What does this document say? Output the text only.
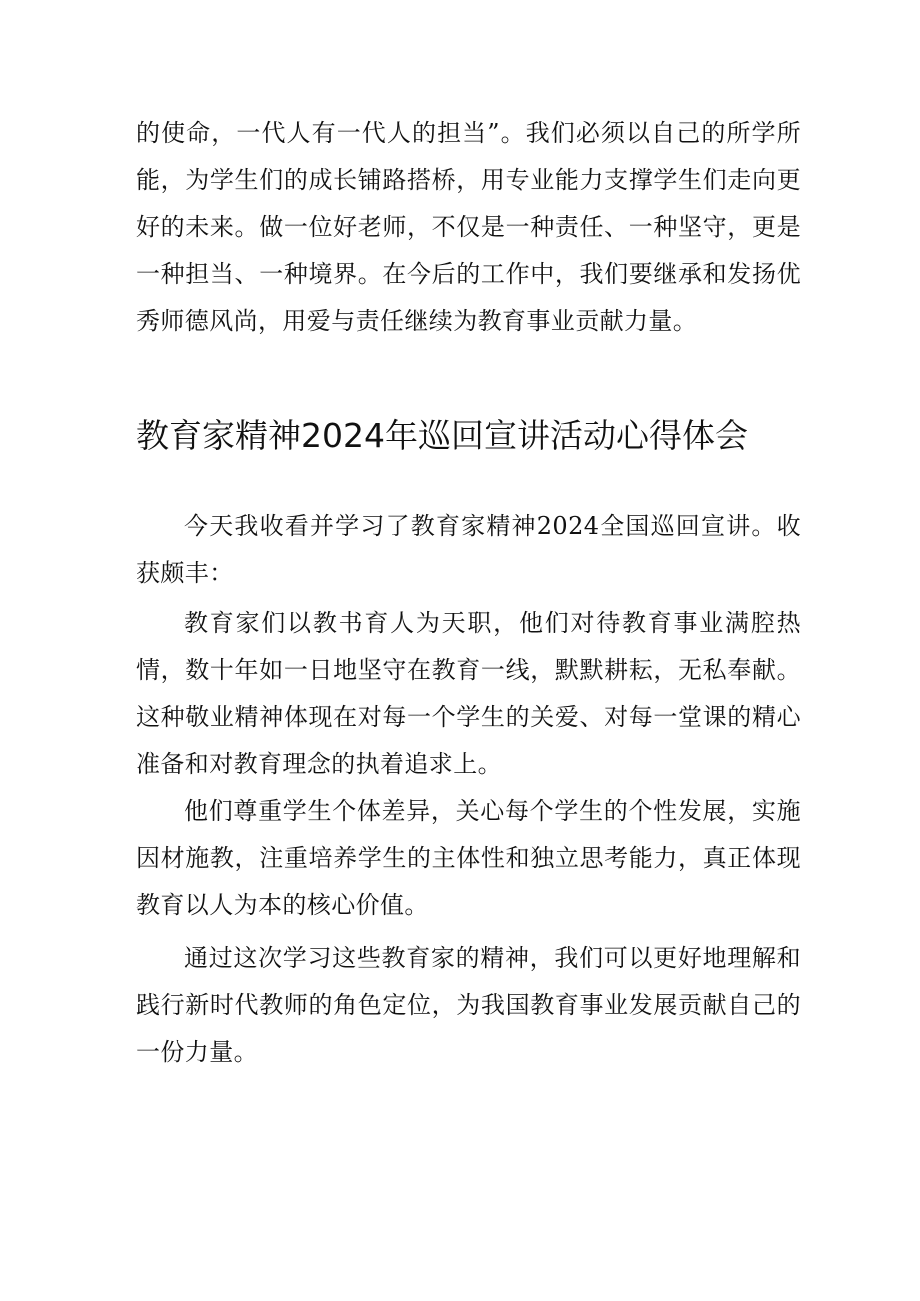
的使命，一代人有一代人的担当”。我们必须以自己的所学所能，为学生们的成长铺路搭桥，用专业能力支撑学生们走向更好的未来。做一位好老师，不仅是一种责任、一种坚守，更是一种担当、一种境界。在今后的工作中，我们要继承和发扬优秀师德风尚，用爱与责任继续为教育事业贡献力量。

教育家精神2024年巡回宣讲活动心得体会

今天我收看并学习了教育家精神2024全国巡回宣讲。收获颇丰：

教育家们以教书育人为天职，他们对待教育事业满腔热情，数十年如一日地坚守在教育一线，默默耕耘，无私奉献。这种敬业精神体现在对每一个学生的关爱、对每一堂课的精心准备和对教育理念的执着追求上。

他们尊重学生个体差异，关心每个学生的个性发展，实施因材施教，注重培养学生的主体性和独立思考能力，真正体现教育以人为本的核心价值。

通过这次学习这些教育家的精神，我们可以更好地理解和践行新时代教师的角色定位，为我国教育事业发展贡献自己的一份力量。
